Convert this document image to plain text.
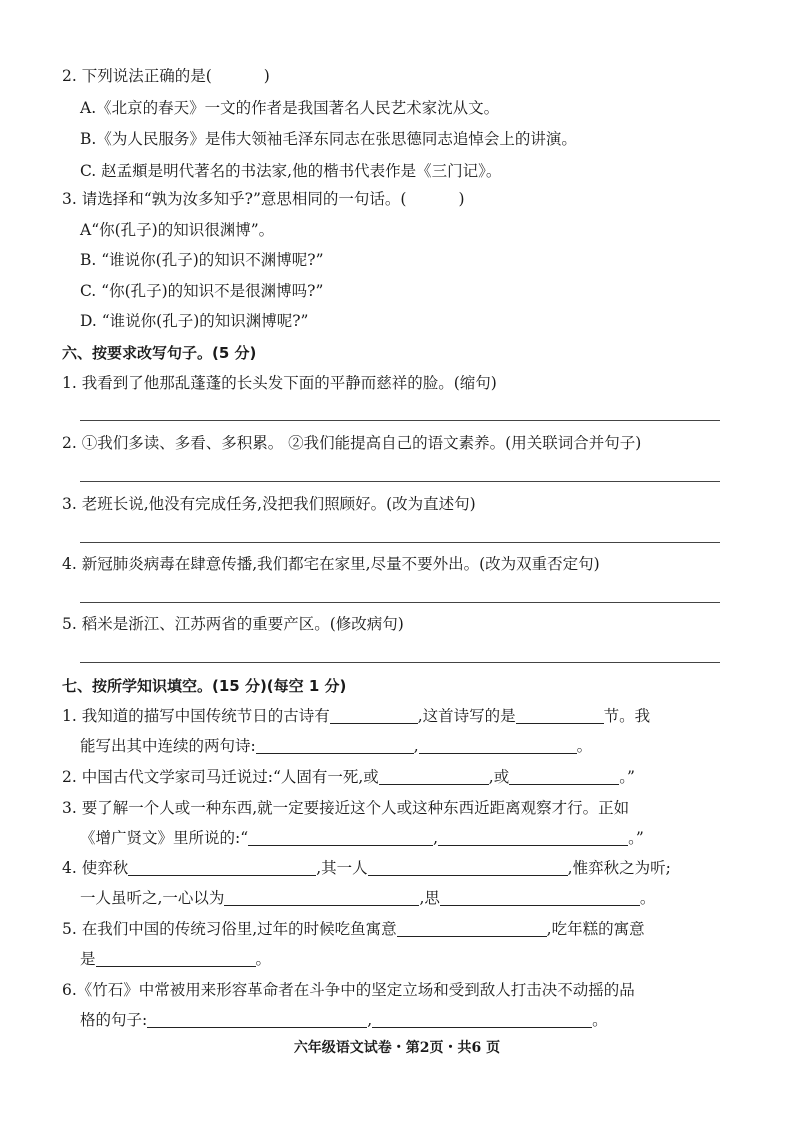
2. 下列说法正确的是(	)
A.《北京的春天》一文的作者是我国著名人民艺术家沈从文。
B.《为人民服务》是伟大领袖毛泽东同志在张思德同志追悼会上的讲演。
C. 赵孟頫是明代著名的书法家,他的楷书代表作是《三门记》。
3. 请选择和“孰为汝多知乎?”意思相同的一句话。(	)
A“你(孔子)的知识很渊博”。
B. “谁说你(孔子)的知识不渊博呢?”
C. “你(孔子)的知识不是很渊博吗?”
D. “谁说你(孔子)的知识渊博呢?”
六、按要求改写句子。(5 分)
1. 我看到了他那乱蓬蓬的长头发下面的平静而慈祥的脸。(缩句)
2. ①我们多读、多看、多积累。 ②我们能提高自己的语文素养。(用关联词合并句子)
3. 老班长说,他没有完成任务,没把我们照顾好。(改为直述句)
4. 新冠肺炎病毒在肆意传播,我们都宅在家里,尽量不要外出。(改为双重否定句)
5. 稻米是浙江、江苏两省的重要产区。(修改病句)
七、按所学知识填空。(15 分)(每空 1 分)
1. 我知道的描写中国传统节日的古诗有	,这首诗写的是	节。我
能写出其中连续的两句诗:	,	。
2. 中国古代文学家司马迁说过:“人固有一死,或	,或	。”
3. 要了解一个人或一种东西,就一定要接近这个人或这种东西近距离观察才行。正如
《增广贤文》里所说的:“	,	。”
4. 使弈秋	,其一人	,惟弈秋之为听;
一人虽听之,一心以为	,思	。
5. 在我们中国的传统习俗里,过年的时候吃鱼寓意	,吃年糕的寓意
是	。
6.《竹石》中常被用来形容革命者在斗争中的坚定立场和受到敌人打击决不动摇的品
格的句子:	,	。
六年级语文试卷・第2页・共6 页
